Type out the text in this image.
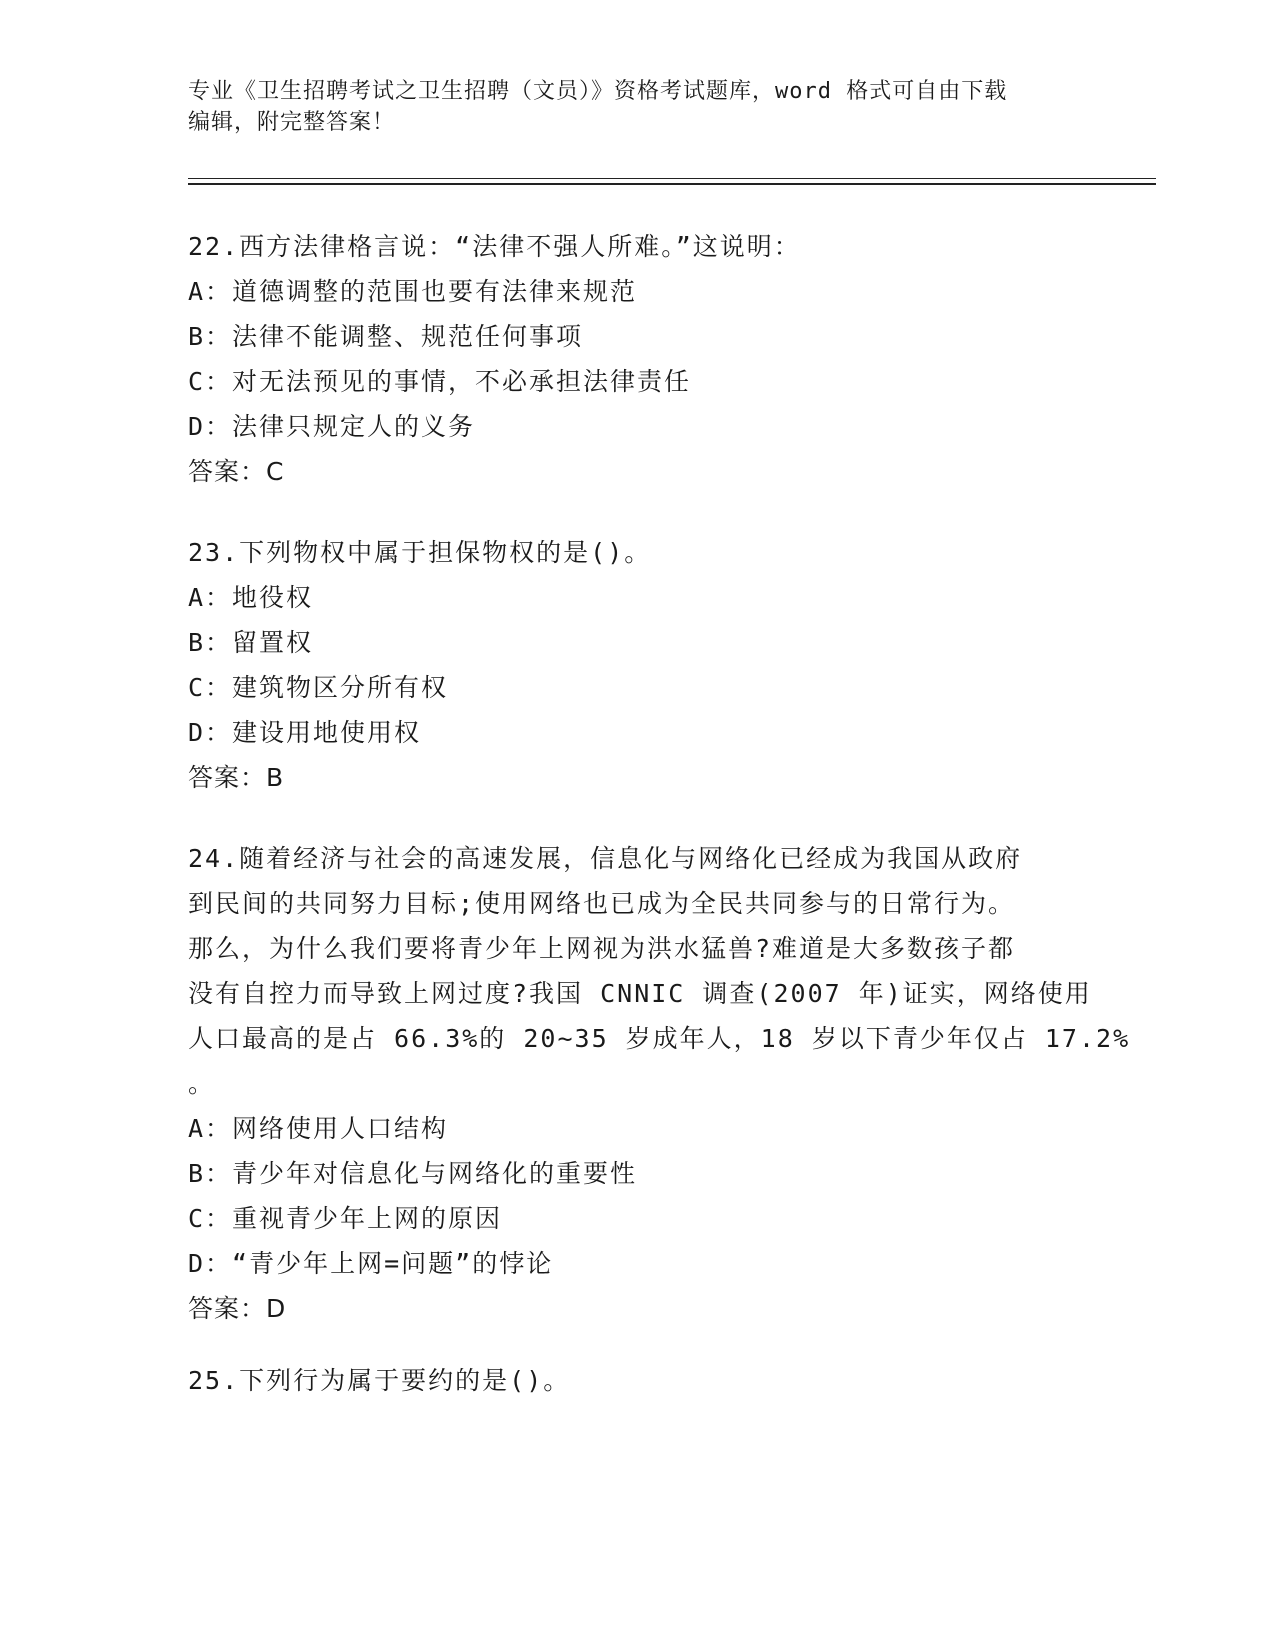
专业《卫生招聘考试之卫生招聘（文员）》资格考试题库，word 格式可自由下载
编辑，附完整答案！
22.西方法律格言说：“法律不强人所难。”这说明：
A：道德调整的范围也要有法律来规范
B：法律不能调整、规范任何事项
C：对无法预见的事情，不必承担法律责任
D：法律只规定人的义务
答案：C
23.下列物权中属于担保物权的是()。
A：地役权
B：留置权
C：建筑物区分所有权
D：建设用地使用权
答案：B
24.随着经济与社会的高速发展，信息化与网络化已经成为我国从政府
到民间的共同努力目标;使用网络也已成为全民共同参与的日常行为。
那么，为什么我们要将青少年上网视为洪水猛兽?难道是大多数孩子都
没有自控力而导致上网过度?我国 CNNIC 调查(2007 年)证实，网络使用
人口最高的是占 66.3%的 20~35 岁成年人，18 岁以下青少年仅占 17.2%
。
A：网络使用人口结构
B：青少年对信息化与网络化的重要性
C：重视青少年上网的原因
D：“青少年上网=问题”的悖论
答案：D
25.下列行为属于要约的是()。
